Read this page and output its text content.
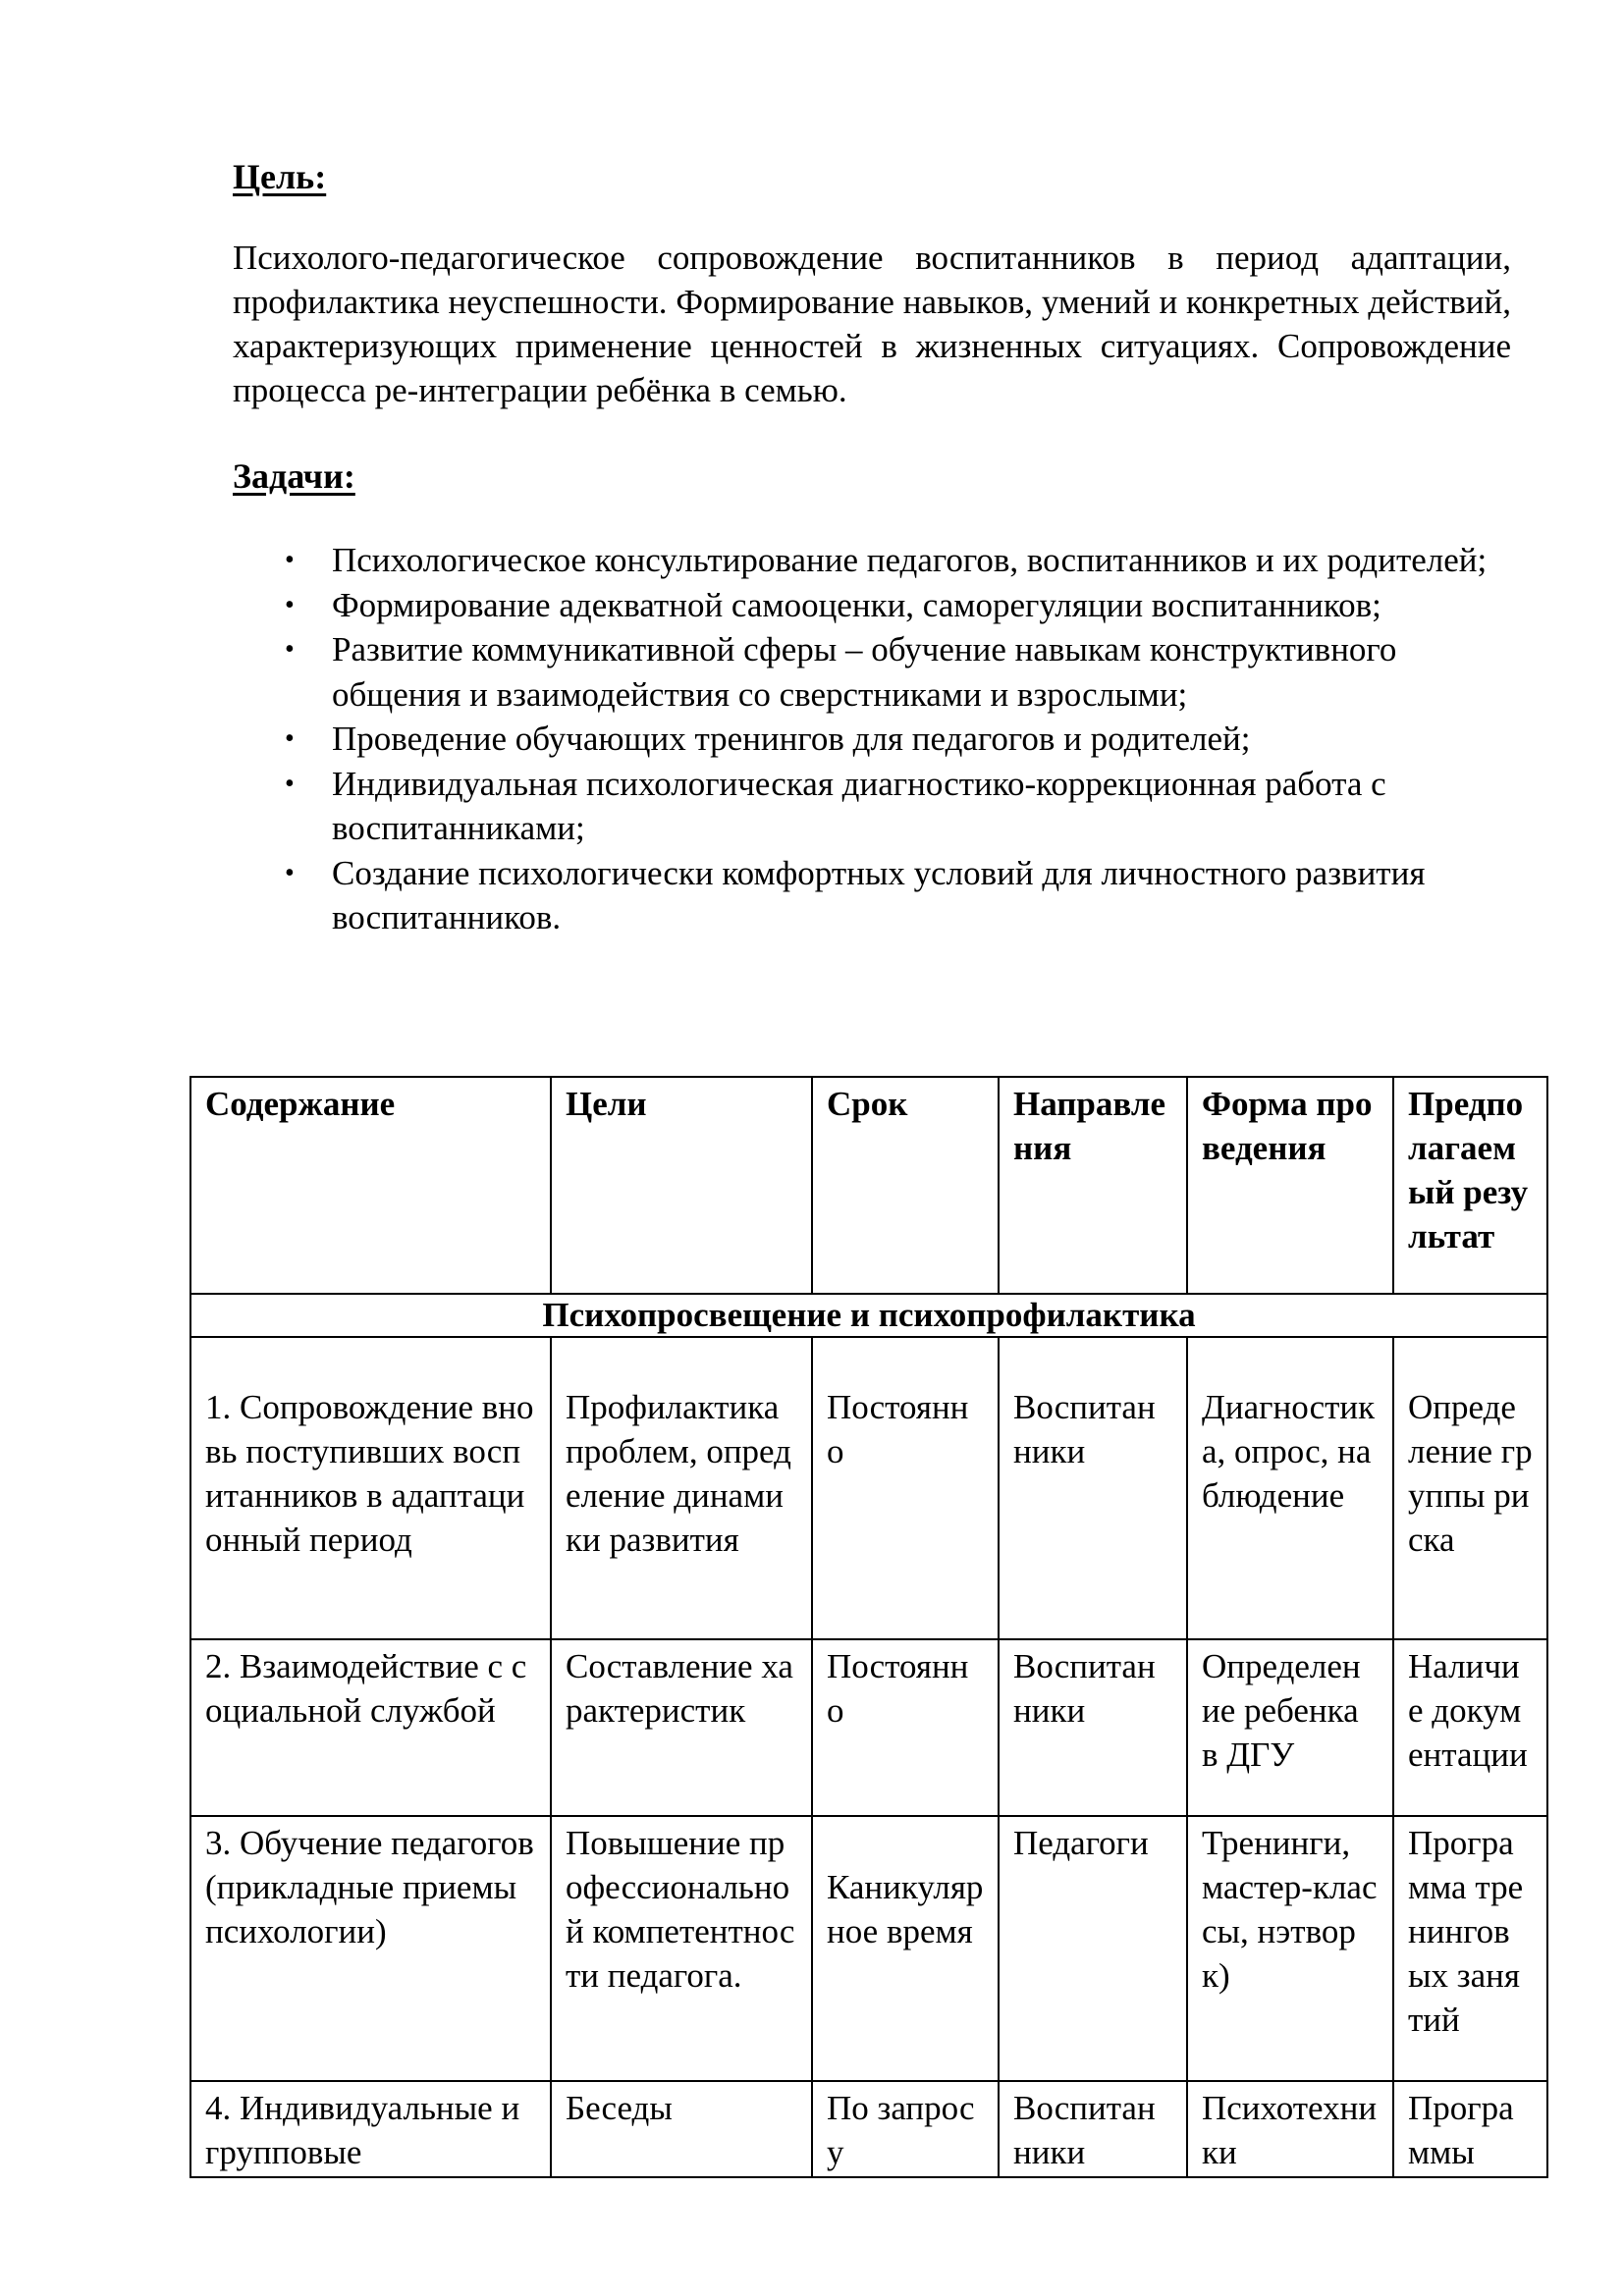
Цель:

Психолого-педагогическое сопровождение воспитанников в период адаптации, профилактика неуспешности. Формирование навыков, умений и конкретных действий, характеризующих применение ценностей в жизненных ситуациях. Сопровождение процесса ре-интеграции ребёнка в семью.

Задачи:
•	Психологическое консультирование педагогов, воспитанников и их родителей;
•	Формирование адекватной самооценки, саморегуляции воспитанников;
•	Развитие коммуникативной сферы – обучение навыкам конструктивного общения и взаимодействия со сверстниками и взрослыми;
•	Проведение обучающих тренингов для педагогов и родителей;
•	Индивидуальная психологическая диагностико-коррекционная работа с воспитанниками;
•	Создание психологически комфортных условий для личностного развития воспитанников.
Содержание	Цели	Срок	Направления	Форма проведения	Предполагаемый результат
Психопросвещение и психопрофилактика					
1. Сопровождение вновь поступивших воспитанников в адаптационный период	Профилактика проблем, определение динамики развития	Постоянно	Воспитанники	Диагностика, опрос, наблюдение	Определение группы риска
2. Взаимодействие с социальной службой	Составление характеристик	Постоянно	Воспитанники	Определение ребенка в ДГУ	Наличие документации
3. Обучение педагогов (прикладные приемы психологии)	Повышение профессиональной компетентности педагога.	Каникулярное время	Педагоги	Тренинги, мастер-классы, нэтворк)	Программа тренинговых занятий
4. Индивидуальные и групповые	Беседы	По запросу	Воспитанники	Психотехники	Программы
